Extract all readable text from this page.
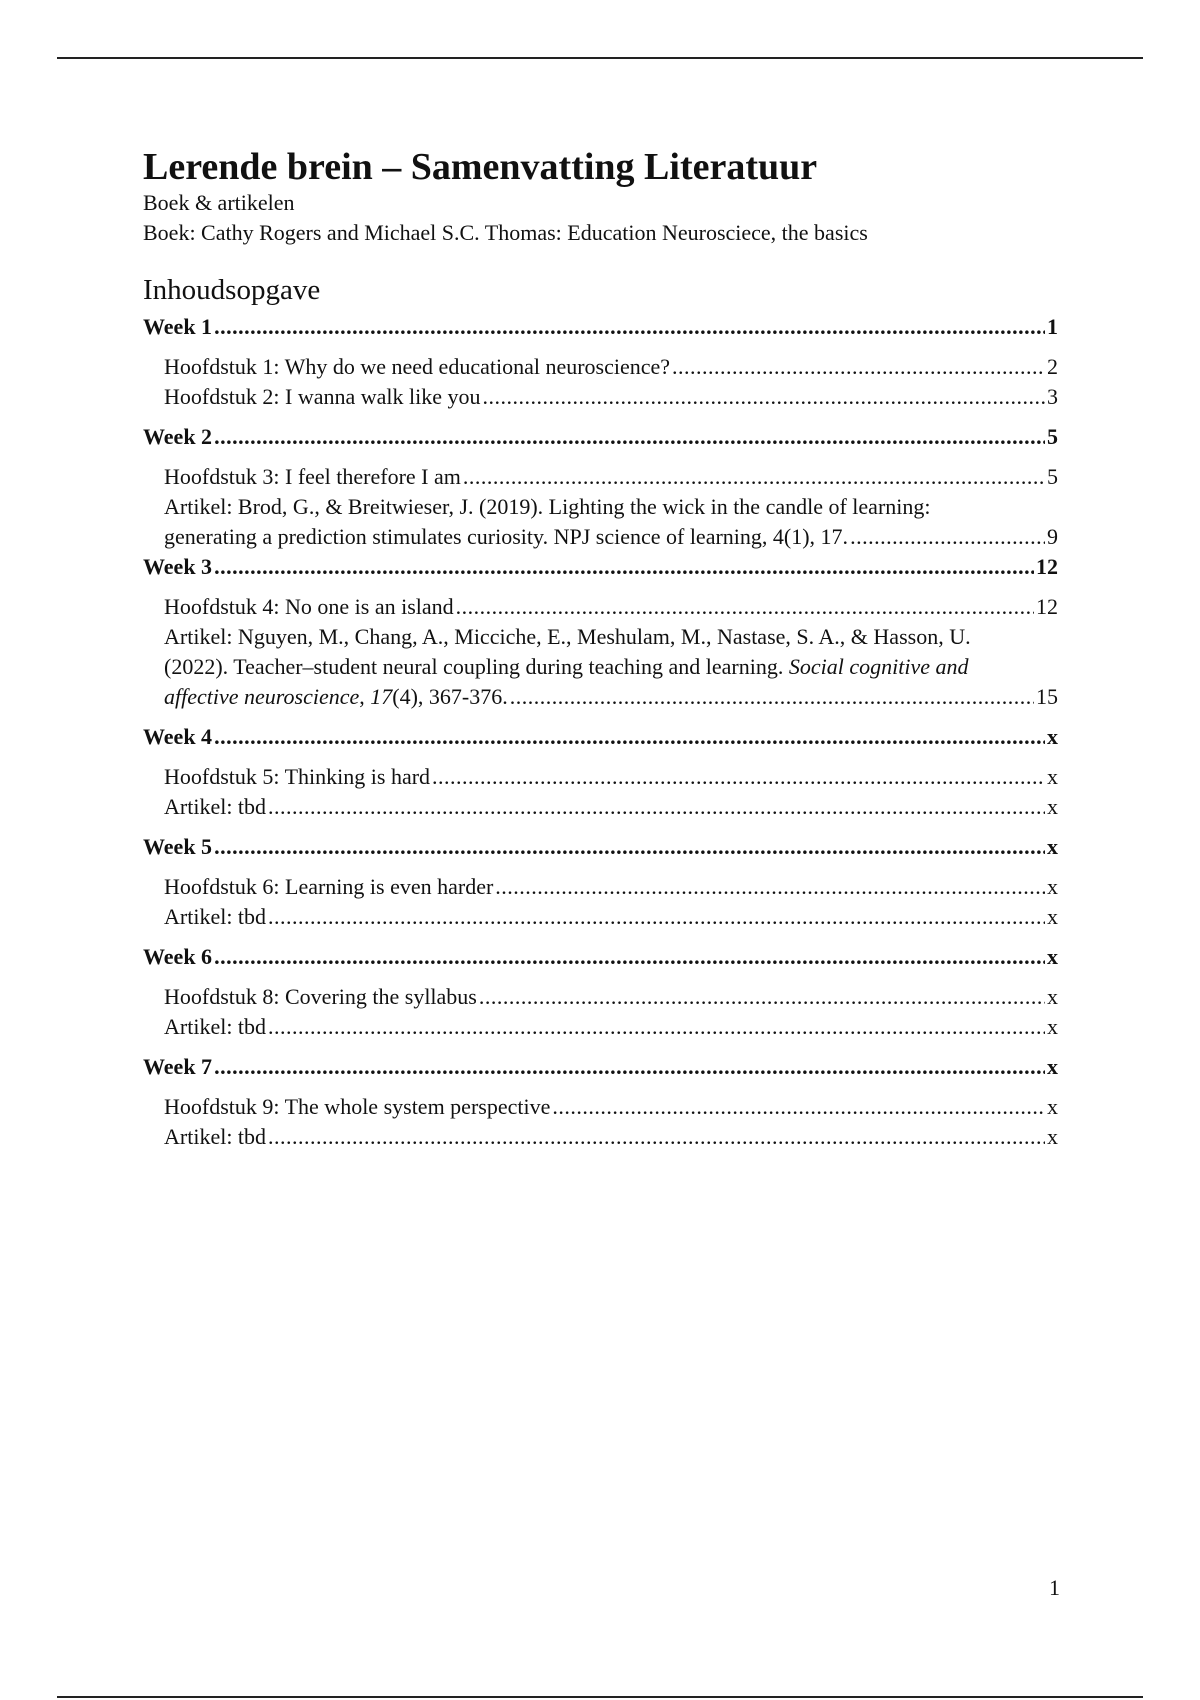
Lerende brein – Samenvatting Literatuur

Boek & artikelen

Boek: Cathy Rogers and Michael S.C. Thomas: Education Neurosciece, the basics

Inhoudsopgave
Week 1 .....	1
Hoofdstuk 1: Why do we need educational neuroscience? .....	2
Hoofdstuk 2: I wanna walk like you .....	3
Week 2 .....	5
Hoofdstuk 3: I feel therefore I am .....	5
Artikel: Brod, G., & Breitwieser, J. (2019). Lighting the wick in the candle of learning:
generating a prediction stimulates curiosity. NPJ science of learning, 4(1), 17. .....	9
Week 3 .....	12
Hoofdstuk 4: No one is an island .....	12
Artikel: Nguyen, M., Chang, A., Micciche, E., Meshulam, M., Nastase, S. A., & Hasson, U.
(2022). Teacher–student neural coupling during teaching and learning. Social cognitive and
affective neuroscience, 17(4), 367-376. .....	15
Week 4 .....	x
Hoofdstuk 5: Thinking is hard .....	x
Artikel: tbd .....	x
Week 5 .....	x
Hoofdstuk 6: Learning is even harder .....	x
Artikel: tbd .....	x
Week 6 .....	x
Hoofdstuk 8: Covering the syllabus .....	x
Artikel: tbd .....	x
Week 7 .....	x
Hoofdstuk 9: The whole system perspective .....	x
Artikel: tbd .....	x
1
